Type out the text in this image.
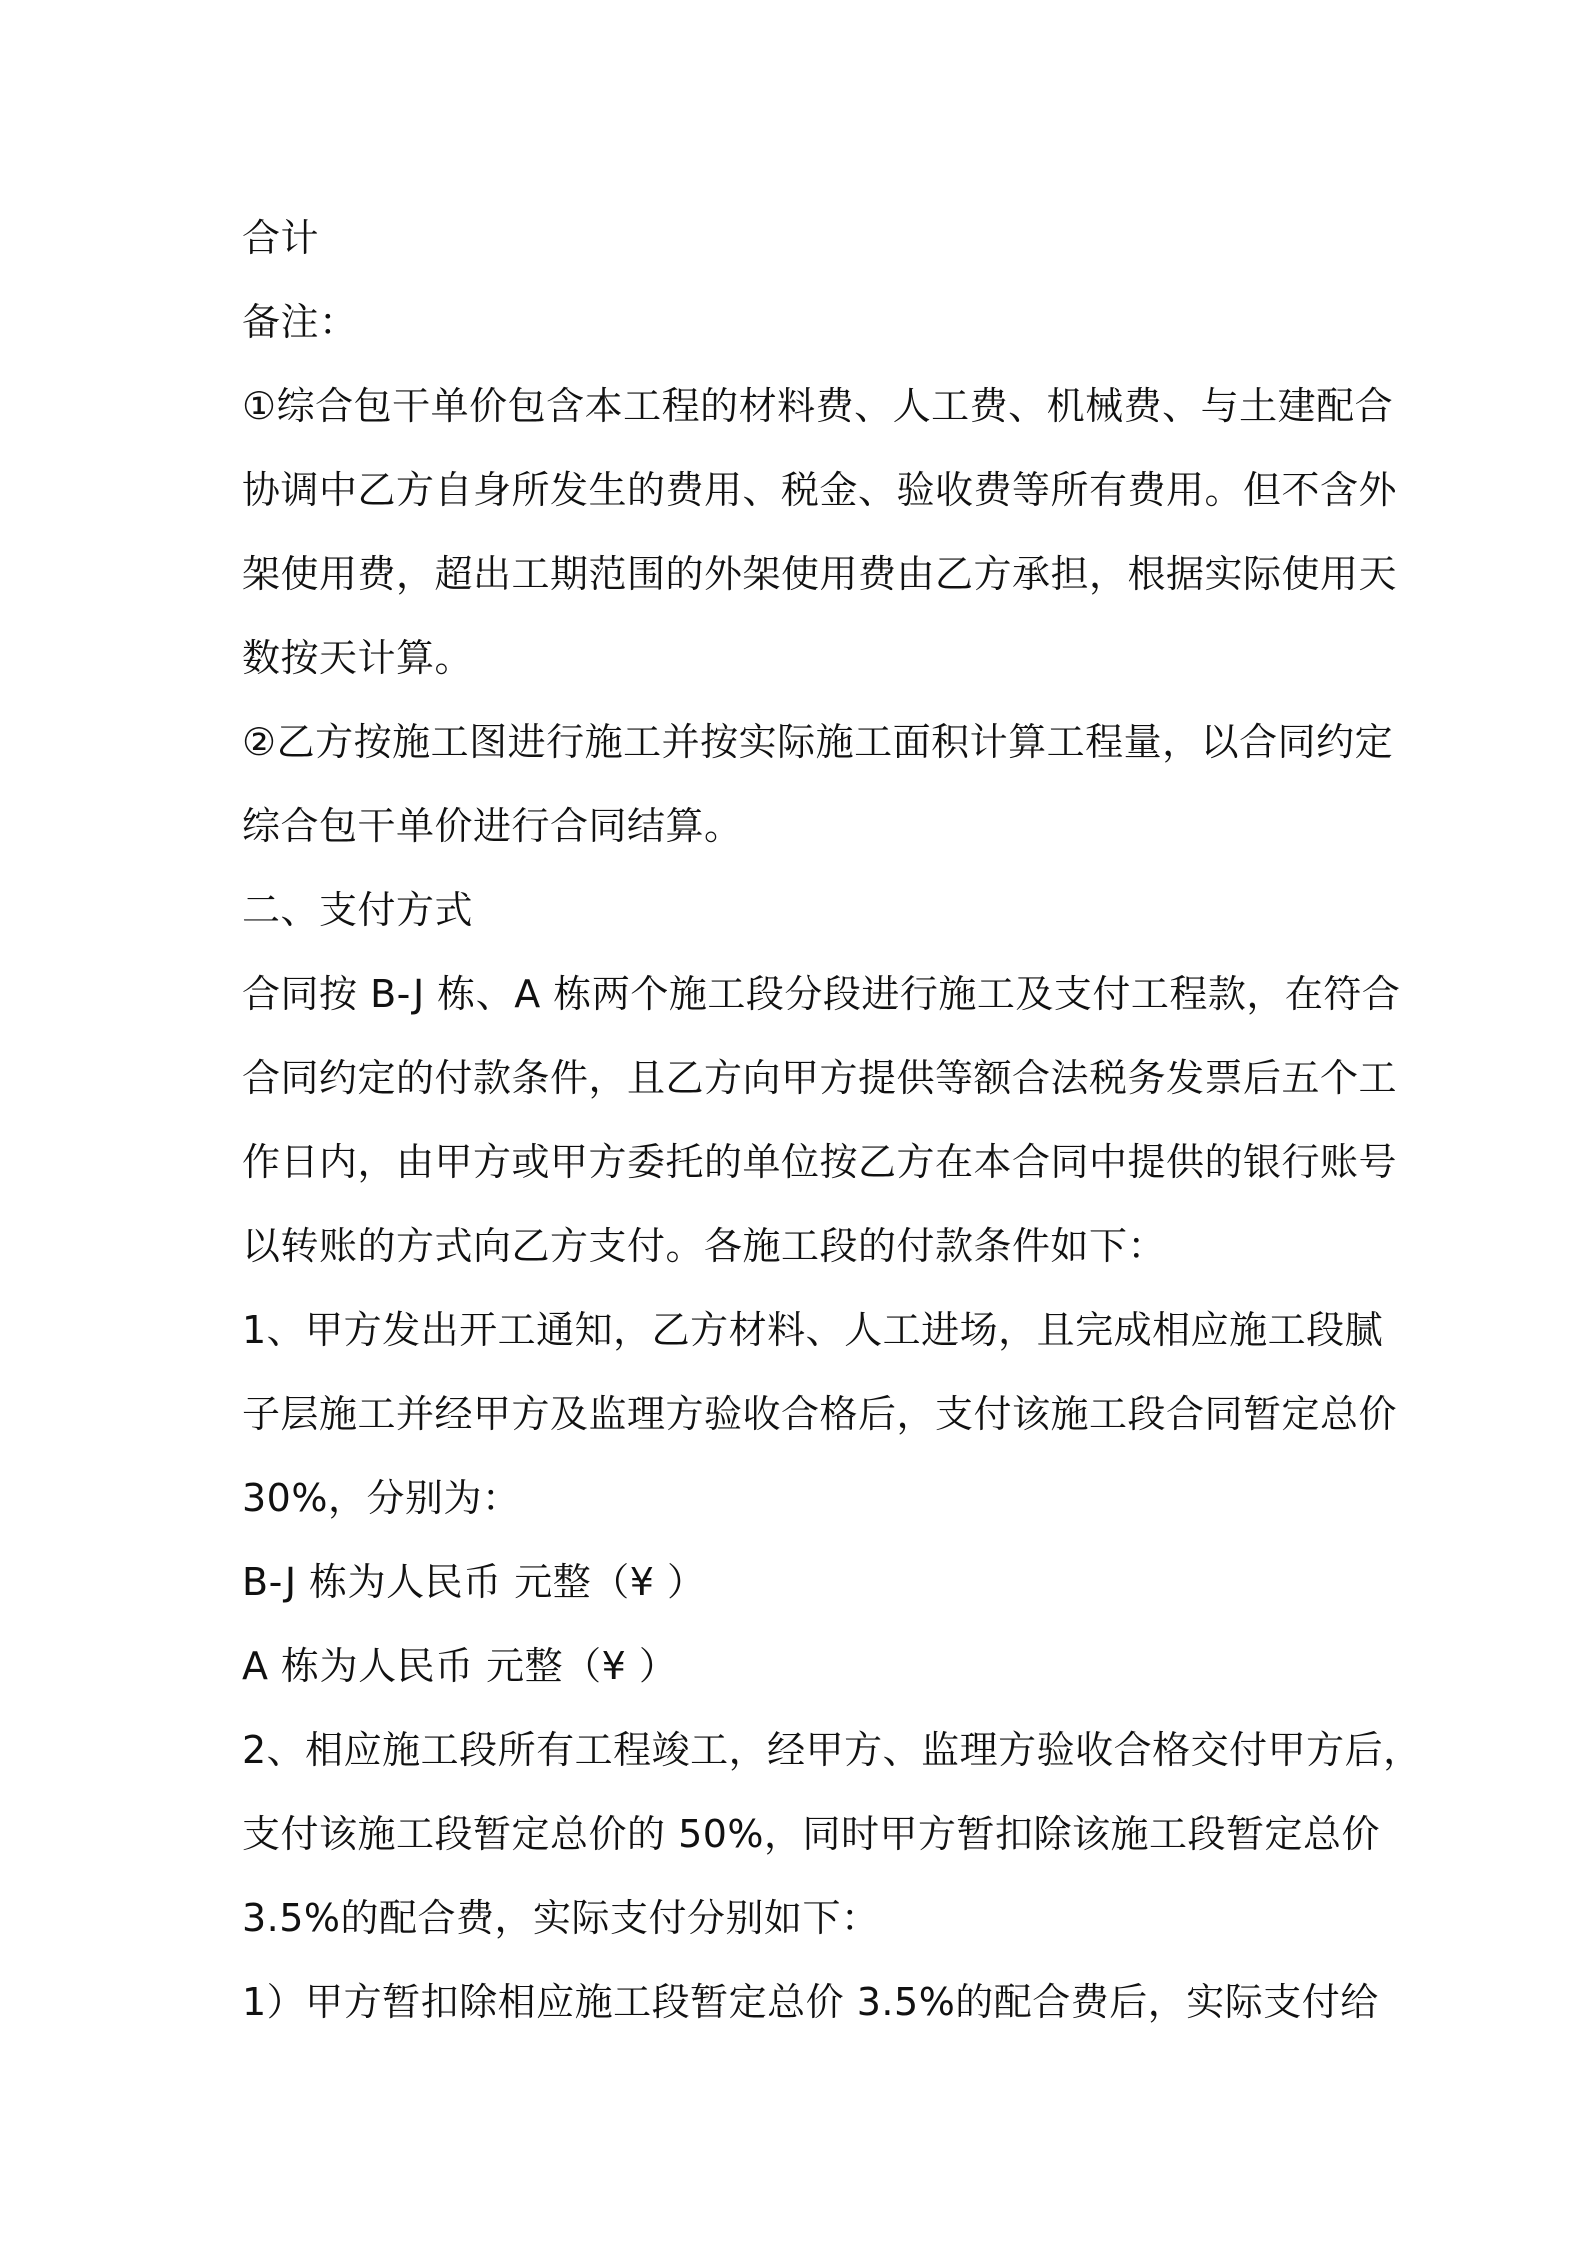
合计
备注：
①综合包干单价包含本工程的材料费、人工费、机械费、与土建配合
协调中乙方自身所发生的费用、税金、验收费等所有费用。但不含外
架使用费，超出工期范围的外架使用费由乙方承担，根据实际使用天
数按天计算。
②乙方按施工图进行施工并按实际施工面积计算工程量，以合同约定
综合包干单价进行合同结算。
二、支付方式
合同按 B-J 栋、A 栋两个施工段分段进行施工及支付工程款，在符合
合同约定的付款条件，且乙方向甲方提供等额合法税务发票后五个工
作日内，由甲方或甲方委托的单位按乙方在本合同中提供的银行账号
以转账的方式向乙方支付。各施工段的付款条件如下：
1、甲方发出开工通知，乙方材料、人工进场，且完成相应施工段腻
子层施工并经甲方及监理方验收合格后，支付该施工段合同暂定总价
30%，分别为：
B-J 栋为人民币 元整（¥ ）
A 栋为人民币 元整（¥ ）
2、相应施工段所有工程竣工，经甲方、监理方验收合格交付甲方后，
支付该施工段暂定总价的 50%，同时甲方暂扣除该施工段暂定总价
3.5%的配合费，实际支付分别如下：
1）甲方暂扣除相应施工段暂定总价 3.5%的配合费后，实际支付给
